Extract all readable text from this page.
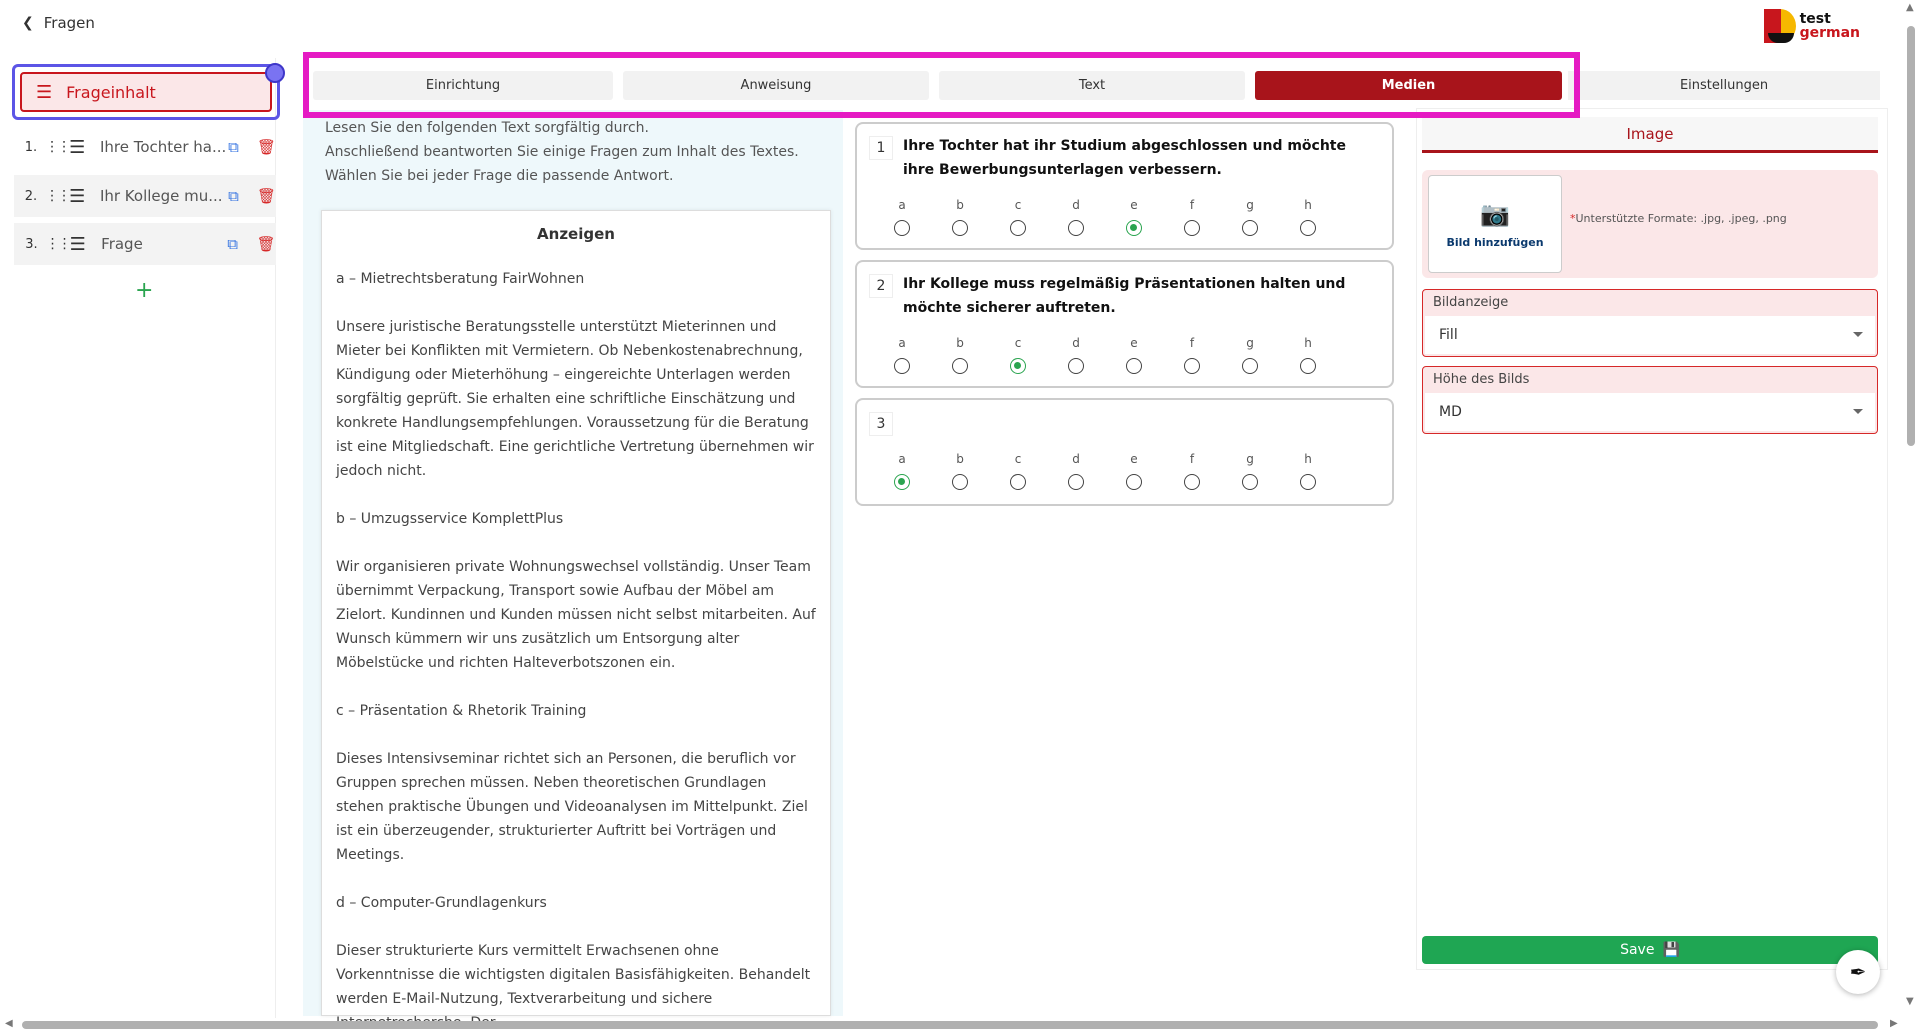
❮ Fragen	test
german
☰ Frageinhalt
1. ⋮⋮ ☰ Ihre Tochter ha... ⧉ 🗑
2. ⋮⋮ ☰ Ihr Kollege mu... ⧉ 🗑
3. ⋮⋮ ☰	Frage	⧉ 🗑
+
Lesen Sie den folgenden Text sorgfältig durch.
Anschließend beantworten Sie einige Fragen zum Inhalt des Textes.
Wählen Sie bei jeder Frage die passende Antwort.
Anzeigen

a – Mietrechtsberatung FairWohnen

Unsere juristische Beratungsstelle unterstützt Mieterinnen und Mieter bei Konflikten mit Vermietern. Ob Nebenkostenabrechnung, Kündigung oder Mieterhöhung – eingereichte Unterlagen werden sorgfältig geprüft. Sie erhalten eine schriftliche Einschätzung und konkrete Handlungsempfehlungen. Voraussetzung für die Beratung ist eine Mitgliedschaft. Eine gerichtliche Vertretung übernehmen wir jedoch nicht.

b – Umzugsservice KomplettPlus

Wir organisieren private Wohnungswechsel vollständig. Unser Team übernimmt Verpackung, Transport sowie Aufbau der Möbel am Zielort. Kundinnen und Kunden müssen nicht selbst mitarbeiten. Auf Wunsch kümmern wir uns zusätzlich um Entsorgung alter Möbelstücke und richten Halteverbotszonen ein.

c – Präsentation & Rhetorik Training

Dieses Intensivseminar richtet sich an Personen, die beruflich vor Gruppen sprechen müssen. Neben theoretischen Grundlagen stehen praktische Übungen und Videoanalysen im Mittelpunkt. Ziel ist ein überzeugender, strukturierter Auftritt bei Vorträgen und Meetings.

d – Computer-Grundlagenkurs

Dieser strukturierte Kurs vermittelt Erwachsenen ohne Vorkenntnisse die wichtigsten digitalen Basisfähigkeiten. Behandelt werden E-Mail-Nutzung, Textverarbeitung und sichere

1	Ihre Tochter hat ihr Studium abgeschlossen und möchte ihre Bewerbungsunterlagen verbessern.
a	b	c	d	e	f	g	h
2	Ihr Kollege muss regelmäßig Präsentationen halten und möchte sicherer auftreten.
a	b	c	d	e	f	g	h
3
a	b	c	d	e	f	g	h
Image
📷
Bild hinzufügen
*Unterstützte Formate: .jpg, .jpeg, .png
Bildanzeige
Fill
Höhe des Bilds
MD
Save 💾
✒
Einrichtung	Anweisung	Text	Medien	Einstellungen
▲
▼
◀	▶
